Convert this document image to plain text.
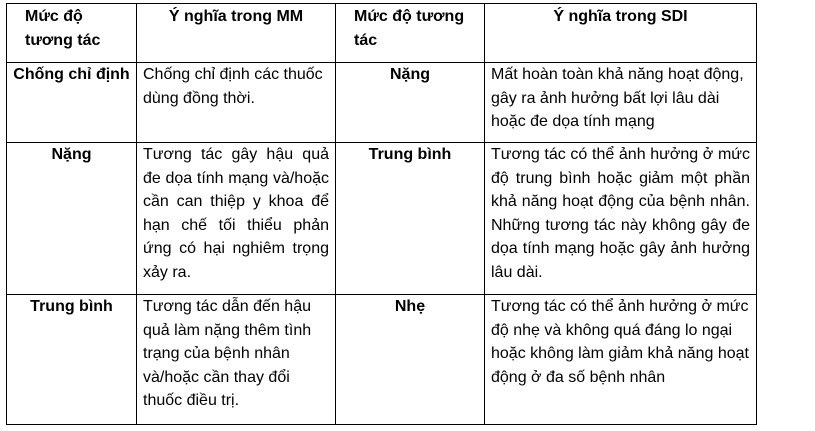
Mức độ tương tác	Ý nghĩa trong MM	Mức độ tương tác	Ý nghĩa trong SDI
Chống chỉ định	Chống chỉ định các thuốc dùng đồng thời.	Nặng	Mất hoàn toàn khả năng hoạt động, gây ra ảnh hưởng bất lợi lâu dài hoặc đe dọa tính mạng
Nặng	Tương tác gây hậu quả đe dọa tính mạng và/hoặc cần can thiệp y khoa để hạn chế tối thiểu phản ứng có hại nghiêm trọng xảy ra.	Trung bình	Tương tác có thể ảnh hưởng ở mức độ trung bình hoặc giảm một phần khả năng hoạt động của bệnh nhân. Những tương tác này không gây đe dọa tính mạng hoặc gây ảnh hưởng lâu dài.
Trung bình	Tương tác dẫn đến hậu quả làm nặng thêm tình trạng của bệnh nhân và/hoặc cần thay đổi thuốc điều trị.	Nhẹ	Tương tác có thể ảnh hưởng ở mức độ nhẹ và không quá đáng lo ngại hoặc không làm giảm khả năng hoạt động ở đa số bệnh nhân
